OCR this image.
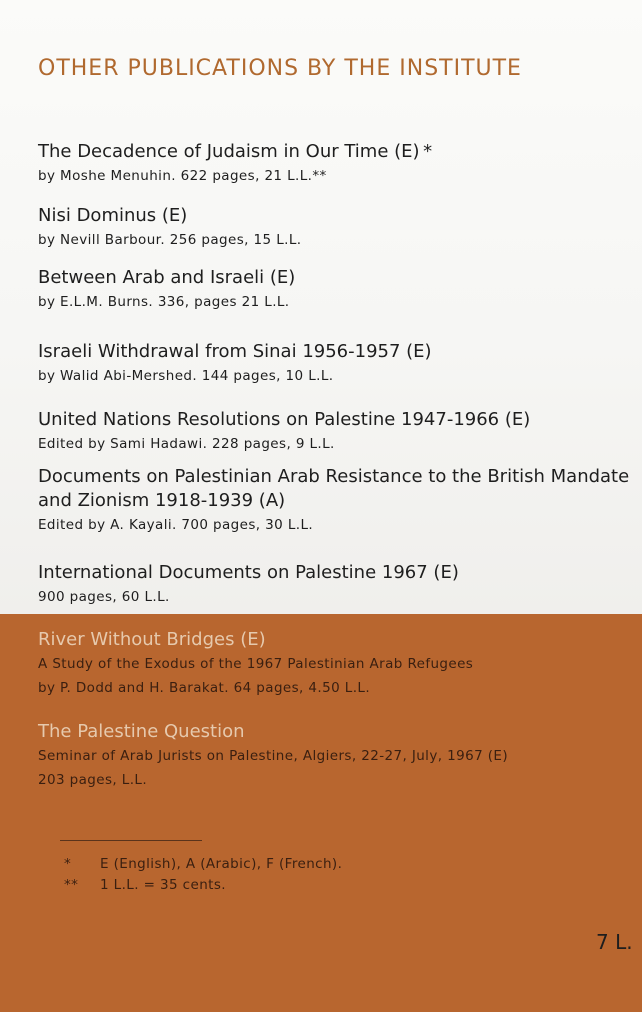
OTHER PUBLICATIONS BY THE INSTITUTE
The Decadence of Judaism in Our Time (E) *
by Moshe Menuhin. 622 pages, 21 L.L.**
Nisi Dominus (E)
by Nevill Barbour. 256 pages, 15 L.L.
Between Arab and Israeli (E)
by E.L.M. Burns. 336, pages 21 L.L.
Israeli Withdrawal from Sinai 1956-1957 (E)
by Walid Abi-Mershed. 144 pages, 10 L.L.
United Nations Resolutions on Palestine 1947-1966 (E)
Edited by Sami Hadawi. 228 pages, 9 L.L.
Documents on Palestinian Arab Resistance to the British Mandate
and Zionism 1918-1939 (A)
Edited by A. Kayali. 700 pages, 30 L.L.
International Documents on Palestine 1967 (E)
900 pages, 60 L.L.
River Without Bridges (E)
A Study of the Exodus of the 1967 Palestinian Arab Refugees
by P. Dodd and H. Barakat. 64 pages, 4.50 L.L.
The Palestine Question
Seminar of Arab Jurists on Palestine, Algiers, 22-27, July, 1967 (E)
203 pages, L.L.
* E (English), A (Arabic), F (French).
** 1 L.L. = 35 cents.
7 L.
